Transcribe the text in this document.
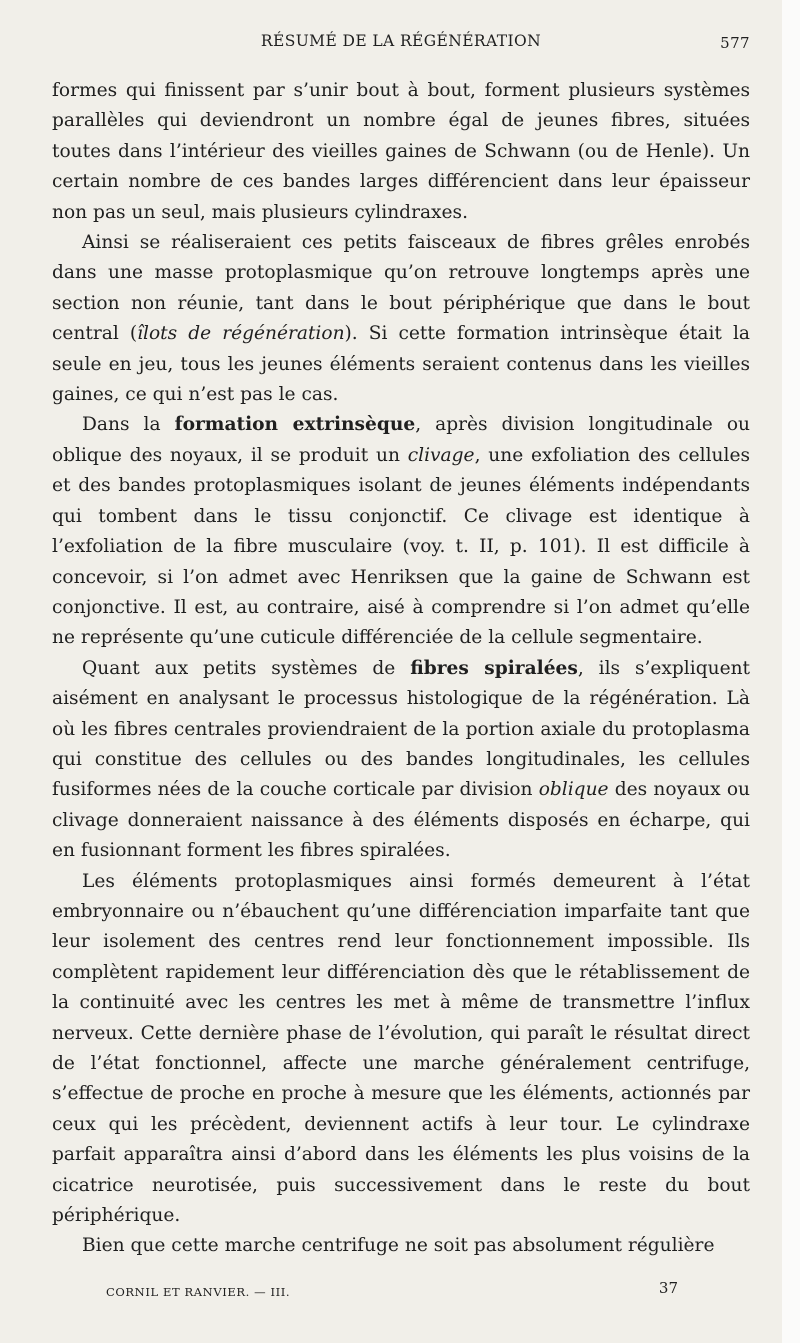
RÉSUMÉ DE LA RÉGÉNÉRATION	577

formes qui finissent par s’unir bout à bout, forment plusieurs systèmes parallèles qui deviendront un nombre égal de jeunes fibres, situées toutes dans l’intérieur des vieilles gaines de Schwann (ou de Henle). Un certain nombre de ces bandes larges différencient dans leur épaisseur non pas un seul, mais plusieurs cylindraxes.

Ainsi se réaliseraient ces petits faisceaux de fibres grêles enrobés dans une masse protoplasmique qu’on retrouve longtemps après une section non réunie, tant dans le bout périphérique que dans le bout central (îlots de régénération). Si cette formation intrinsèque était la seule en jeu, tous les jeunes éléments seraient contenus dans les vieilles gaines, ce qui n’est pas le cas.

Dans la formation extrinsèque, après division longitudinale ou oblique des noyaux, il se produit un clivage, une exfoliation des cellules et des bandes protoplasmiques isolant de jeunes éléments indépendants qui tombent dans le tissu conjonctif. Ce clivage est identique à l’exfoliation de la fibre musculaire (voy. t. II, p. 101). Il est difficile à concevoir, si l’on admet avec Henriksen que la gaine de Schwann est conjonctive. Il est, au contraire, aisé à comprendre si l’on admet qu’elle ne représente qu’une cuticule différenciée de la cellule segmentaire.

Quant aux petits systèmes de fibres spiralées, ils s’expliquent aisément en analysant le processus histologique de la régénération. Là où les fibres centrales proviendraient de la portion axiale du protoplasma qui constitue des cellules ou des bandes longitudinales, les cellules fusiformes nées de la couche corticale par division oblique des noyaux ou clivage donneraient naissance à des éléments disposés en écharpe, qui en fusionnant forment les fibres spiralées.

Les éléments protoplasmiques ainsi formés demeurent à l’état embryonnaire ou n’ébauchent qu’une différenciation imparfaite tant que leur isolement des centres rend leur fonctionnement impossible. Ils complètent rapidement leur différenciation dès que le rétablissement de la continuité avec les centres les met à même de transmettre l’influx nerveux. Cette dernière phase de l’évolution, qui paraît le résultat direct de l’état fonctionnel, affecte une marche généralement centrifuge, s’effectue de proche en proche à mesure que les éléments, actionnés par ceux qui les précèdent, deviennent actifs à leur tour. Le cylindraxe parfait apparaîtra ainsi d’abord dans les éléments les plus voisins de la cicatrice neurotisée, puis successivement dans le reste du bout périphérique.

Bien que cette marche centrifuge ne soit pas absolument régulière

CORNIL ET RANVIER. — III.	37
